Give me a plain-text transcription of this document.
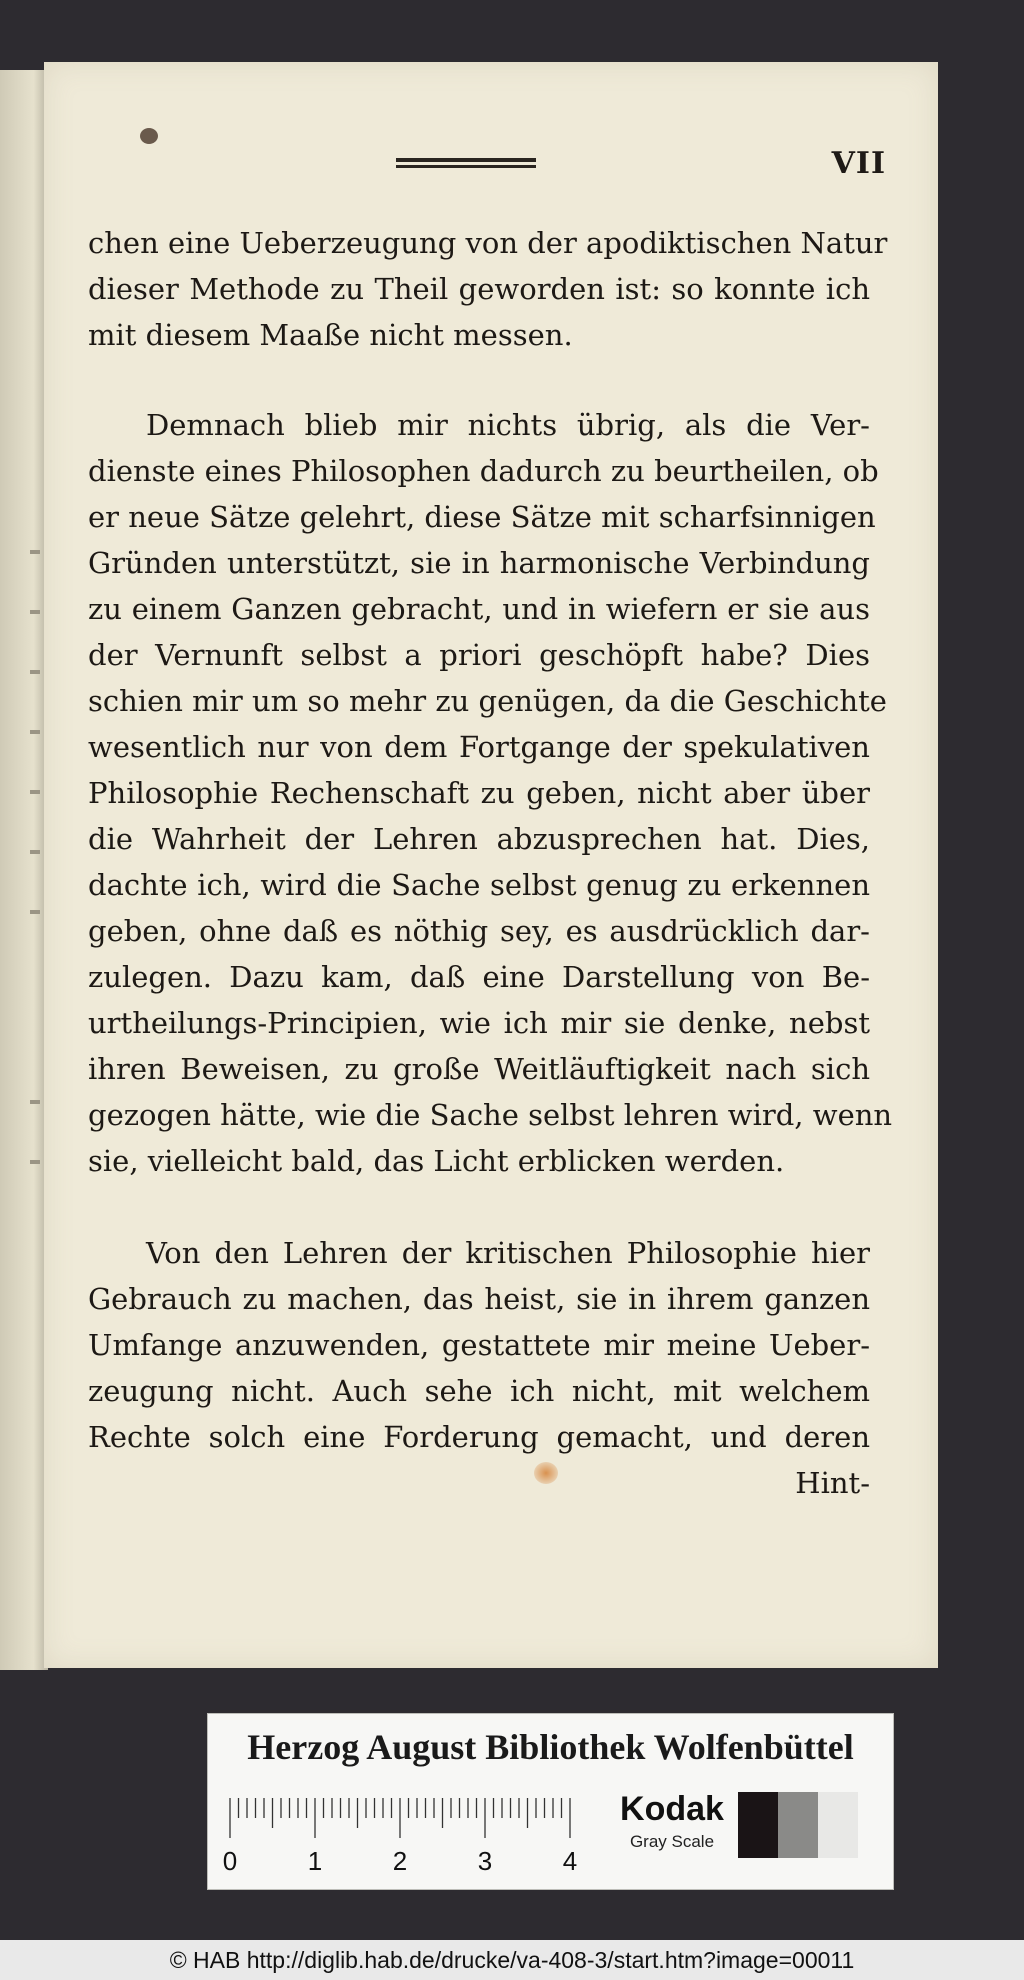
VII
chen eine Ueberzeugung von der apodiktischen Natur
dieser Methode zu Theil geworden ist: so konnte ich
mit diesem Maaße nicht messen.
Demnach blieb mir nichts übrig, als die Ver-
dienste eines Philosophen dadurch zu beurtheilen, ob
er neue Sätze gelehrt, diese Sätze mit scharfsinnigen
Gründen unterstützt, sie in harmonische Verbindung
zu einem Ganzen gebracht, und in wiefern er sie aus
der Vernunft selbst a priori geschöpft habe? Dies
schien mir um so mehr zu genügen, da die Geschichte
wesentlich nur von dem Fortgange der spekulativen
Philosophie Rechenschaft zu geben, nicht aber über
die Wahrheit der Lehren abzusprechen hat. Dies,
dachte ich, wird die Sache selbst genug zu erkennen
geben, ohne daß es nöthig sey, es ausdrücklich dar-
zulegen. Dazu kam, daß eine Darstellung von Be-
urtheilungs-Principien, wie ich mir sie denke, nebst
ihren Beweisen, zu große Weitläuftigkeit nach sich
gezogen hätte, wie die Sache selbst lehren wird, wenn
sie, vielleicht bald, das Licht erblicken werden.
Von den Lehren der kritischen Philosophie hier
Gebrauch zu machen, das heist, sie in ihrem ganzen
Umfange anzuwenden, gestattete mir meine Ueber-
zeugung nicht. Auch sehe ich nicht, mit welchem
Rechte solch eine Forderung gemacht, und deren
Hint-
Herzog August Bibliothek Wolfenbüttel
0	1	2	3	4
Kodak
Gray Scale
© HAB http://diglib.hab.de/drucke/va-408-3/start.htm?image=00011
